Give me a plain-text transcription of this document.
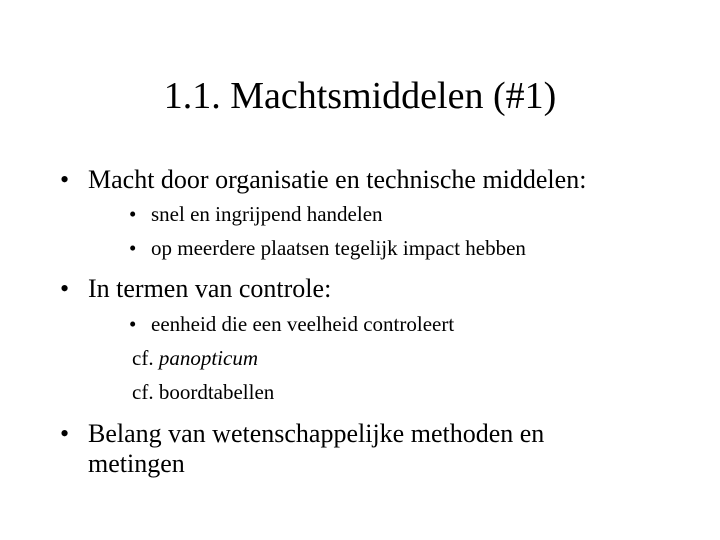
1.1. Machtsmiddelen (#1)
• Macht door organisatie en technische middelen:
• snel en ingrijpend handelen
• op meerdere plaatsen tegelijk impact hebben
• In termen van controle:
• eenheid die een veelheid controleert
cf. panopticum
cf. boordtabellen
• Belang van wetenschappelijke methoden en metingen
